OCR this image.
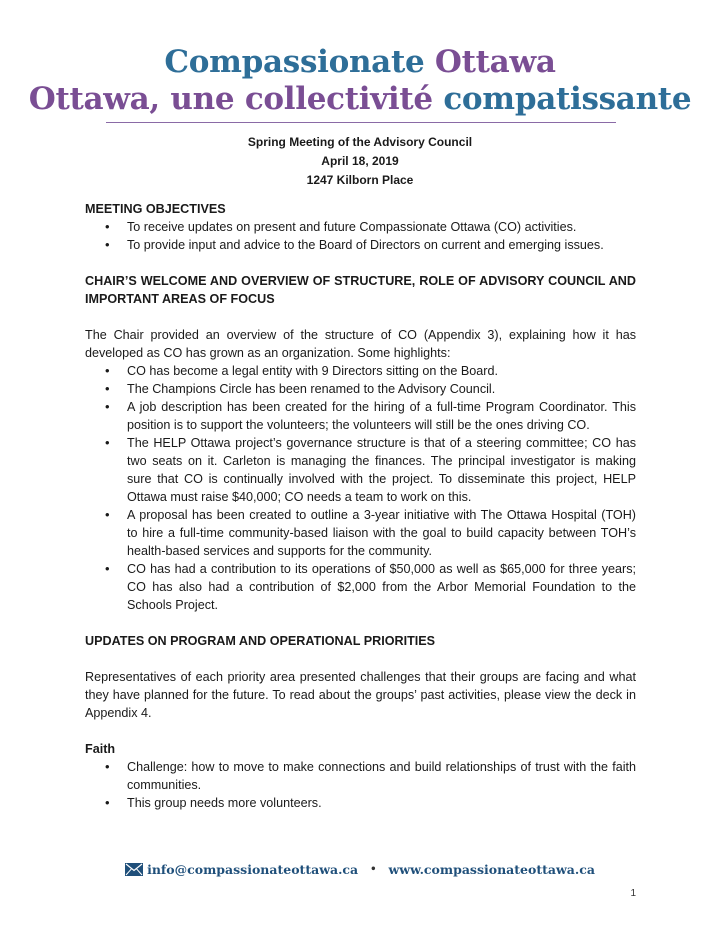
Compassionate Ottawa
Ottawa, une collectivité compatissante
Spring Meeting of the Advisory Council
April 18, 2019
1247 Kilborn Place

MEETING OBJECTIVES

• To receive updates on present and future Compassionate Ottawa (CO) activities.
• To provide input and advice to the Board of Directors on current and emerging issues.

CHAIR’S WELCOME AND OVERVIEW OF STRUCTURE, ROLE OF ADVISORY COUNCIL AND IMPORTANT AREAS OF FOCUS

The Chair provided an overview of the structure of CO (Appendix 3), explaining how it has developed as CO has grown as an organization. Some highlights:

• CO has become a legal entity with 9 Directors sitting on the Board.
• The Champions Circle has been renamed to the Advisory Council.
• A job description has been created for the hiring of a full-time Program Coordinator. This position is to support the volunteers; the volunteers will still be the ones driving CO.
• The HELP Ottawa project’s governance structure is that of a steering committee; CO has two seats on it. Carleton is managing the finances. The principal investigator is making sure that CO is continually involved with the project. To disseminate this project, HELP Ottawa must raise $40,000; CO needs a team to work on this.
• A proposal has been created to outline a 3-year initiative with The Ottawa Hospital (TOH) to hire a full-time community-based liaison with the goal to build capacity between TOH’s health-based services and supports for the community.
• CO has had a contribution to its operations of $50,000 as well as $65,000 for three years; CO has also had a contribution of $2,000 from the Arbor Memorial Foundation to the Schools Project.

UPDATES ON PROGRAM AND OPERATIONAL PRIORITIES

Representatives of each priority area presented challenges that their groups are facing and what they have planned for the future. To read about the groups’ past activities, please view the deck in Appendix 4.

Faith

• Challenge: how to move to make connections and build relationships of trust with the faith communities.
• This group needs more volunteers.
info@compassionateottawa.ca • www.compassionateottawa.ca
1
